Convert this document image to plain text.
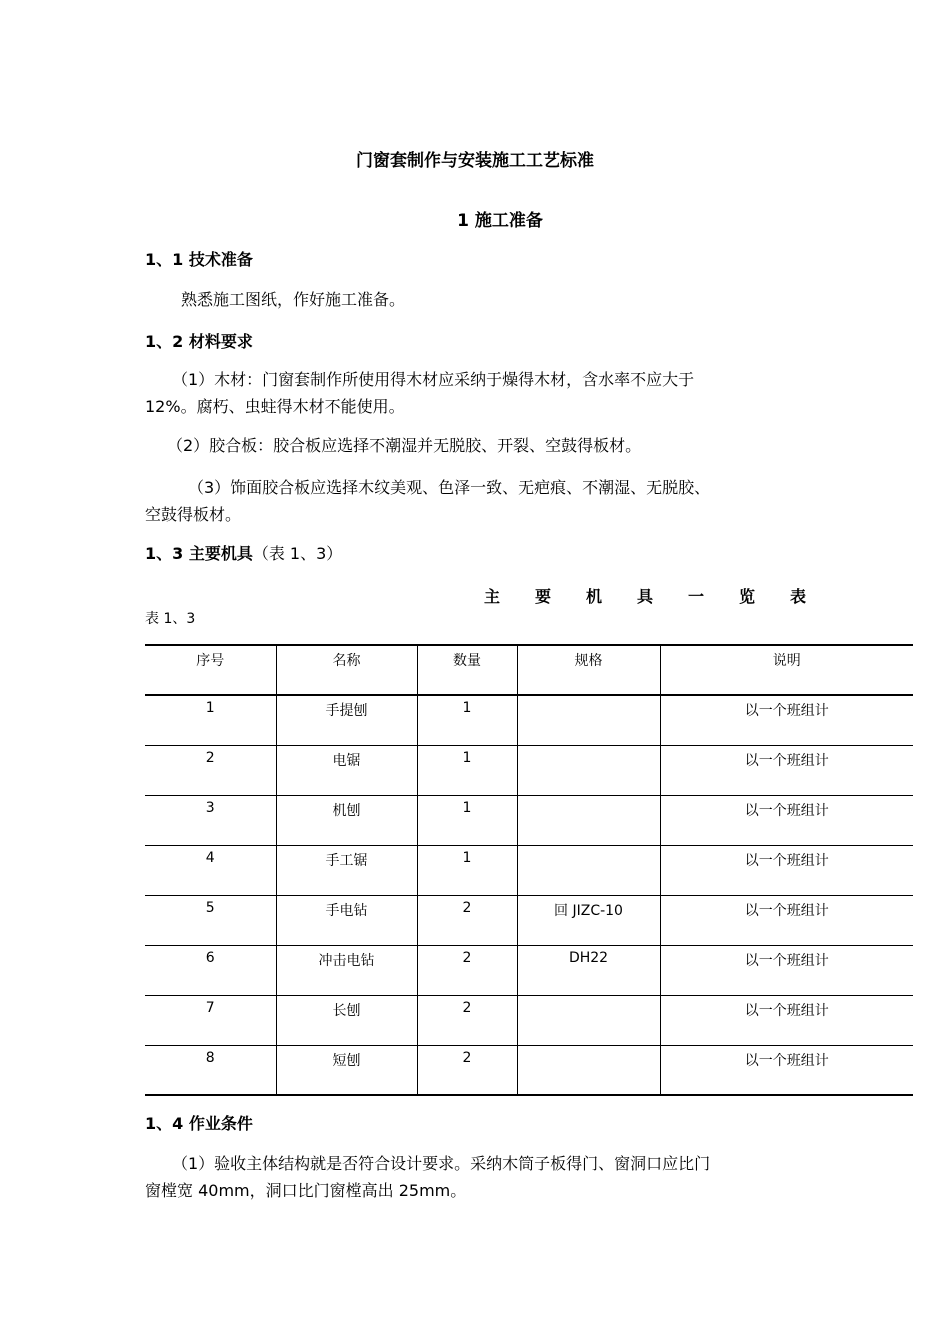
门窗套制作与安装施工工艺标准
1 施工准备
1、1 技术准备
熟悉施工图纸，作好施工准备。
1、2 材料要求
（1）木材：门窗套制作所使用得木材应采纳于燥得木材，含水率不应大于
12%。腐朽、虫蛀得木材不能使用。
（2）胶合板：胶合板应选择不潮湿并无脱胶、开裂、空鼓得板材。
（3）饰面胶合板应选择木纹美观、色泽一致、无疤痕、不潮湿、无脱胶、
空鼓得板材。
1、3 主要机具（表 1、3）
主 要 机 具 一 览 表
表 1、3
序号	名称	数量	规格	说明
1	手提刨	1		以一个班组计
2	电锯	1		以一个班组计
3	机刨	1		以一个班组计
4	手工锯	1		以一个班组计
5	手电钻	2	回 JIZC-10	以一个班组计
6	冲击电钻	2	DH22	以一个班组计
7	长刨	2		以一个班组计
8	短刨	2		以一个班组计
1、4 作业条件
（1）验收主体结构就是否符合设计要求。采纳木筒子板得门、窗洞口应比门
窗樘宽 40mm，洞口比门窗樘高出 25mm。
